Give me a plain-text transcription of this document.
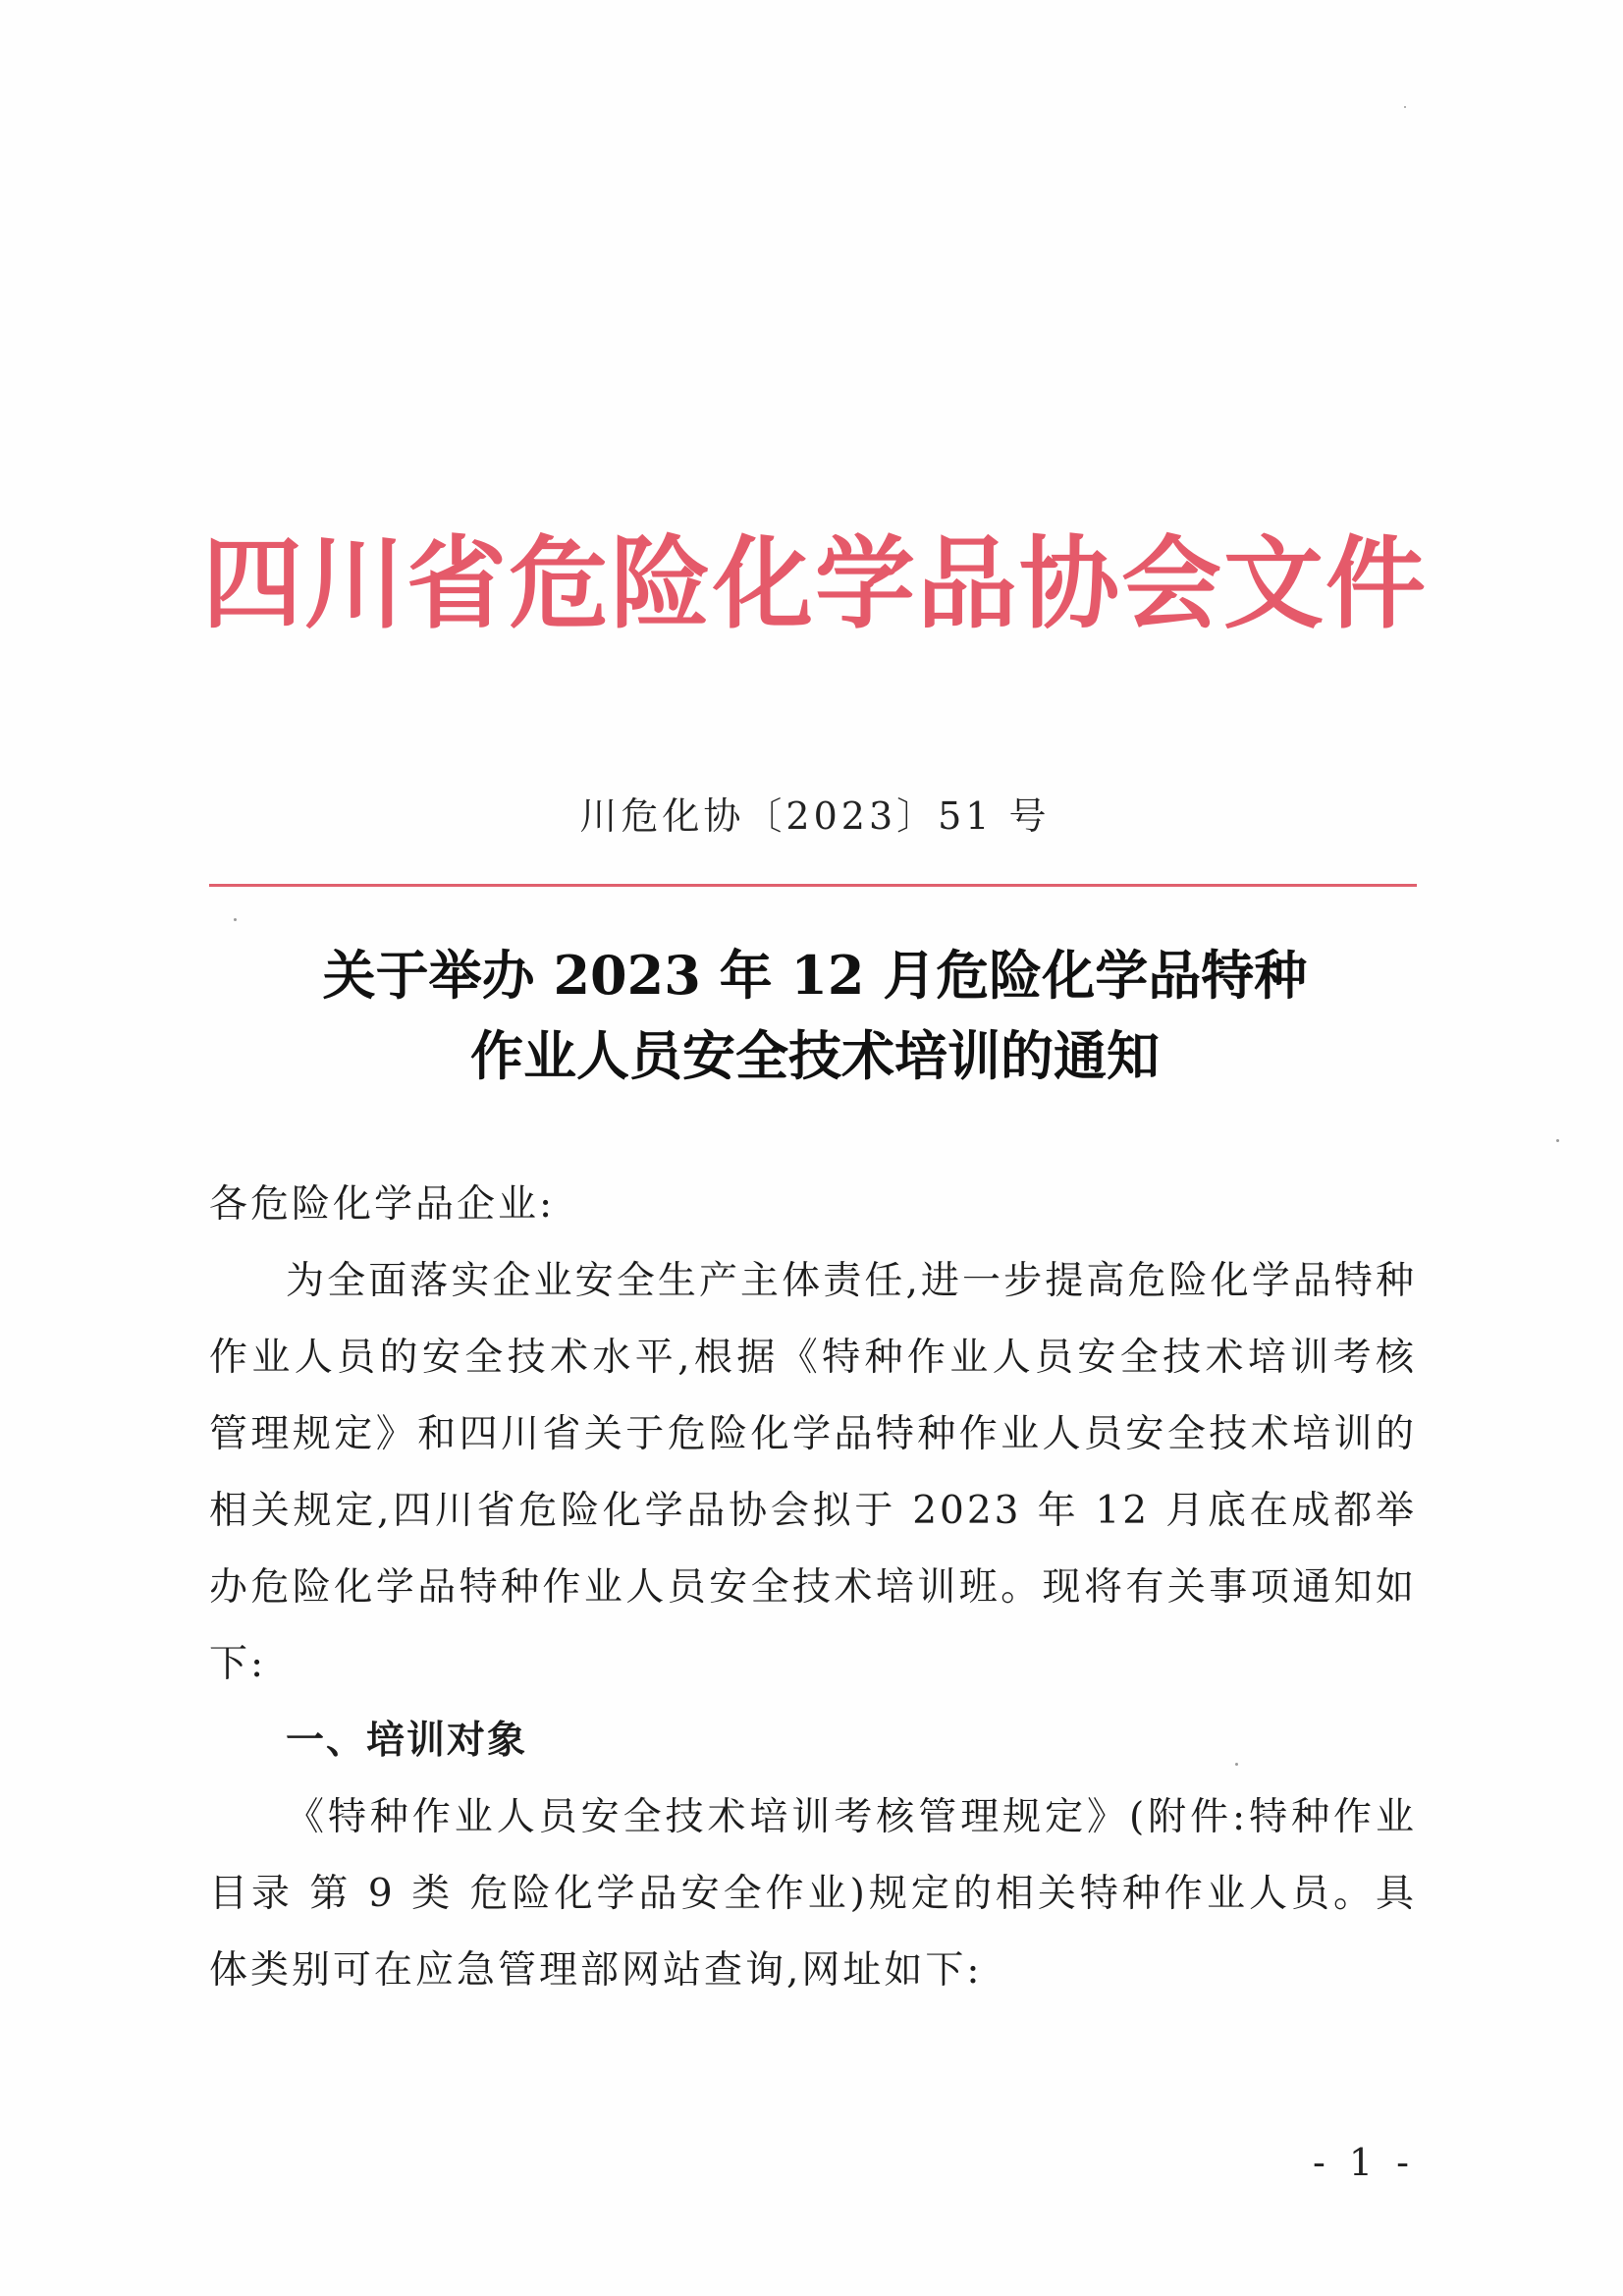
四川省危险化学品协会文件
川危化协〔2023〕51 号
关于举办 2023 年 12 月危险化学品特种
作业人员安全技术培训的通知
各危险化学品企业:
为全面落实企业安全生产主体责任,进一步提高危险化学品特种作业人员的安全技术水平,根据《特种作业人员安全技术培训考核管理规定》和四川省关于危险化学品特种作业人员安全技术培训的相关规定,四川省危险化学品协会拟于 2023 年 12 月底在成都举办危险化学品特种作业人员安全技术培训班。现将有关事项通知如下:
一、培训对象
《特种作业人员安全技术培训考核管理规定》(附件:特种作业目录 第 9 类 危险化学品安全作业)规定的相关特种作业人员。具体类别可在应急管理部网站查询,网址如下:
- 1 -
